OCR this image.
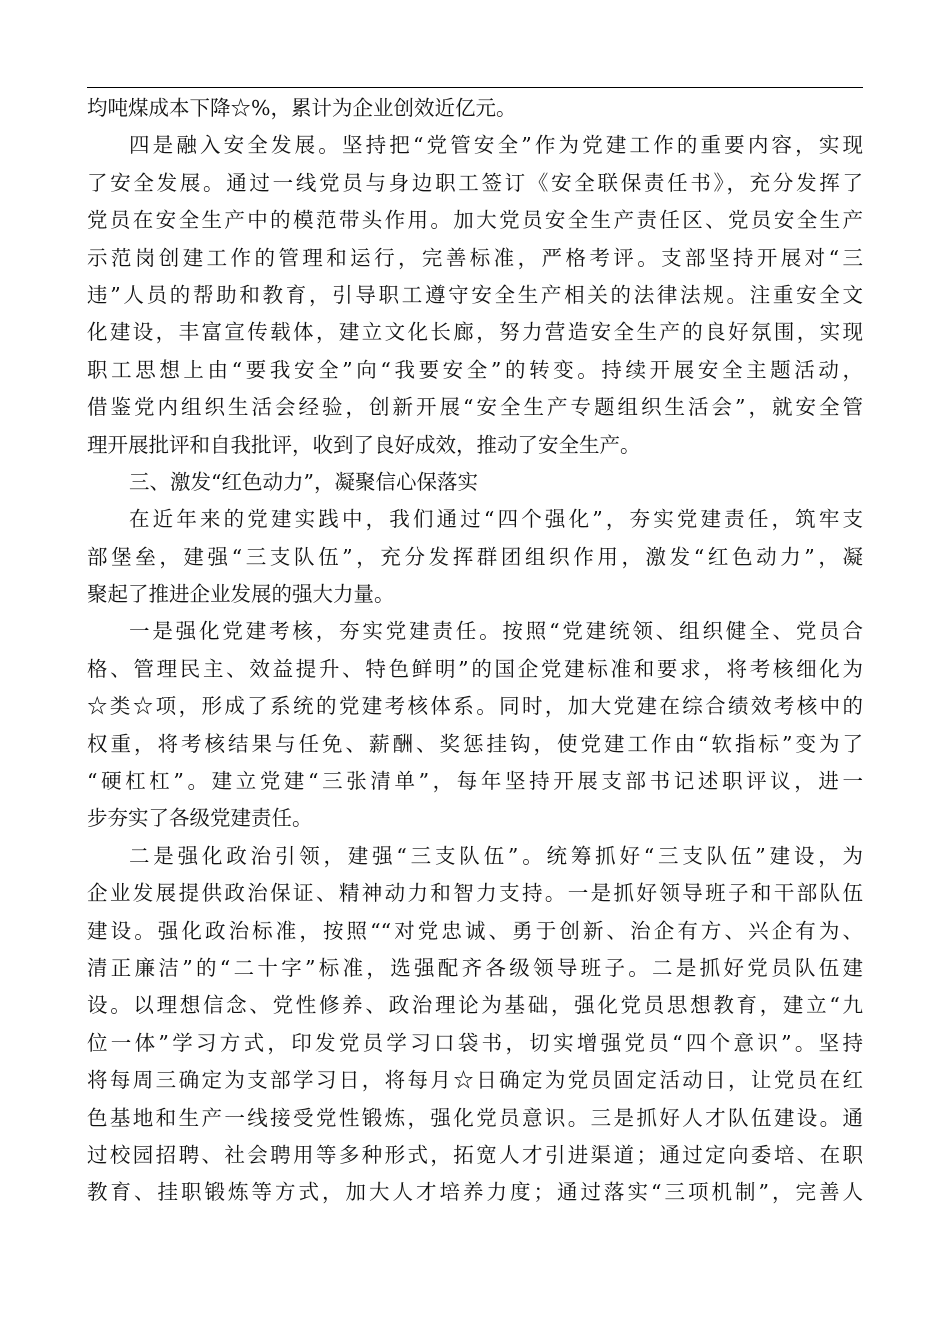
均吨煤成本下降☆%，累计为企业创效近亿元。
四是融入安全发展。坚持把“党管安全”作为党建工作的重要内容，实现
了安全发展。通过一线党员与身边职工签订《安全联保责任书》，充分发挥了
党员在安全生产中的模范带头作用。加大党员安全生产责任区、党员安全生产
示范岗创建工作的管理和运行，完善标准，严格考评。支部坚持开展对“三
违”人员的帮助和教育，引导职工遵守安全生产相关的法律法规。注重安全文
化建设，丰富宣传载体，建立文化长廊，努力营造安全生产的良好氛围，实现
职工思想上由“要我安全”向“我要安全”的转变。持续开展安全主题活动，
借鉴党内组织生活会经验，创新开展“安全生产专题组织生活会”，就安全管
理开展批评和自我批评，收到了良好成效，推动了安全生产。
三、激发“红色动力”，凝聚信心保落实
在近年来的党建实践中，我们通过“四个强化”，夯实党建责任，筑牢支
部堡垒，建强“三支队伍”，充分发挥群团组织作用，激发“红色动力”，凝
聚起了推进企业发展的强大力量。
一是强化党建考核，夯实党建责任。按照“党建统领、组织健全、党员合
格、管理民主、效益提升、特色鲜明”的国企党建标准和要求，将考核细化为
☆类☆项，形成了系统的党建考核体系。同时，加大党建在综合绩效考核中的
权重，将考核结果与任免、薪酬、奖惩挂钩，使党建工作由“软指标”变为了
“硬杠杠”。建立党建“三张清单”，每年坚持开展支部书记述职评议，进一
步夯实了各级党建责任。
二是强化政治引领，建强“三支队伍”。统筹抓好“三支队伍”建设，为
企业发展提供政治保证、精神动力和智力支持。一是抓好领导班子和干部队伍
建设。强化政治标准，按照““对党忠诚、勇于创新、治企有方、兴企有为、
清正廉洁”的“二十字”标准，选强配齐各级领导班子。二是抓好党员队伍建
设。以理想信念、党性修养、政治理论为基础，强化党员思想教育，建立“九
位一体”学习方式，印发党员学习口袋书，切实增强党员“四个意识”。坚持
将每周三确定为支部学习日，将每月☆日确定为党员固定活动日，让党员在红
色基地和生产一线接受党性锻炼，强化党员意识。三是抓好人才队伍建设。通
过校园招聘、社会聘用等多种形式，拓宽人才引进渠道；通过定向委培、在职
教育、挂职锻炼等方式，加大人才培养力度；通过落实“三项机制”，完善人
